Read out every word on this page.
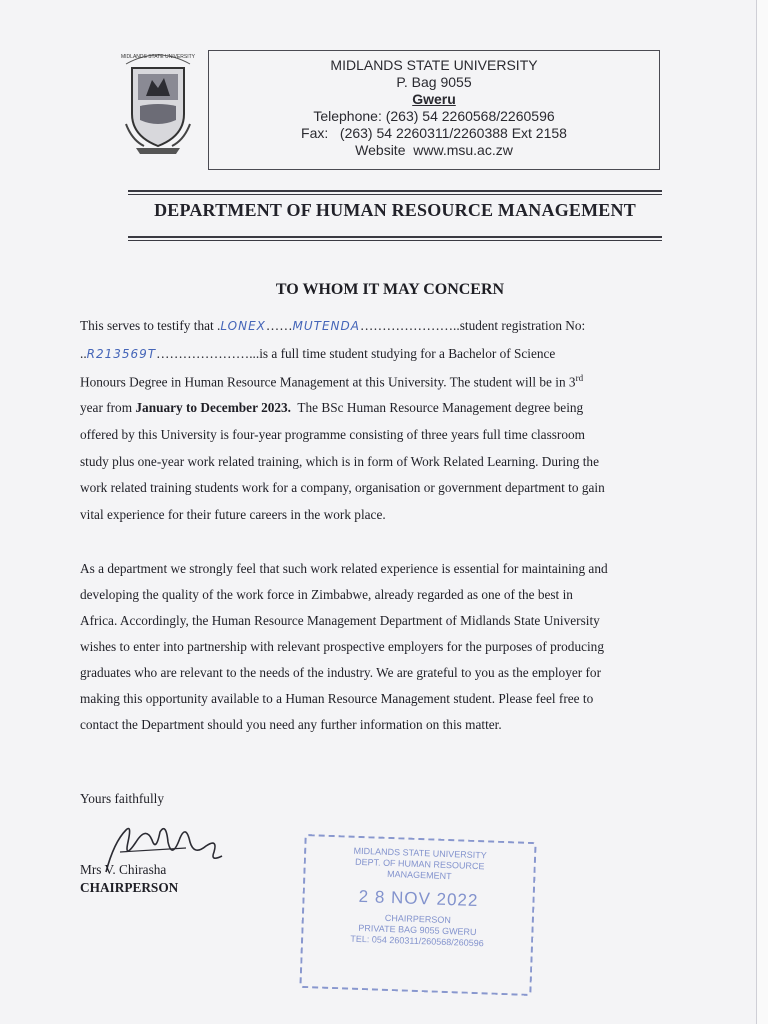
MIDLANDS STATE UNIVERSITY	MIDLANDS STATE UNIVERSITY
P. Bag 9055
Gweru
Telephone: (263) 54 2260568/2260596
Fax:   (263) 54 2260311/2260388 Ext 2158
Website  www.msu.ac.zw
DEPARTMENT OF HUMAN RESOURCE MANAGEMENT
TO WHOM IT MAY CONCERN
This serves to testify that .LONEX……MUTENDA…………………..student registration No:
..R213569T…………………...is a full time student studying for a Bachelor of Science
Honours Degree in Human Resource Management at this University. The student will be in 3rd
year from January to December 2023.  The BSc Human Resource Management degree being
offered by this University is four-year programme consisting of three years full time classroom
study plus one-year work related training, which is in form of Work Related Learning. During the
work related training students work for a company, organisation or government department to gain
vital experience for their future careers in the work place.
As a department we strongly feel that such work related experience is essential for maintaining and
developing the quality of the work force in Zimbabwe, already regarded as one of the best in
Africa. Accordingly, the Human Resource Management Department of Midlands State University
wishes to enter into partnership with relevant prospective employers for the purposes of producing
graduates who are relevant to the needs of the industry. We are grateful to you as the employer for
making this opportunity available to a Human Resource Management student. Please feel free to
contact the Department should you need any further information on this matter.
Yours faithfully
Mrs V. Chirasha
CHAIRPERSON
MIDLANDS STATE UNIVERSITY
DEPT. OF HUMAN RESOURCE
MANAGEMENT
2 8 NOV 2022
CHAIRPERSON
PRIVATE BAG 9055 GWERU
TEL: 054 260311/260568/260596
